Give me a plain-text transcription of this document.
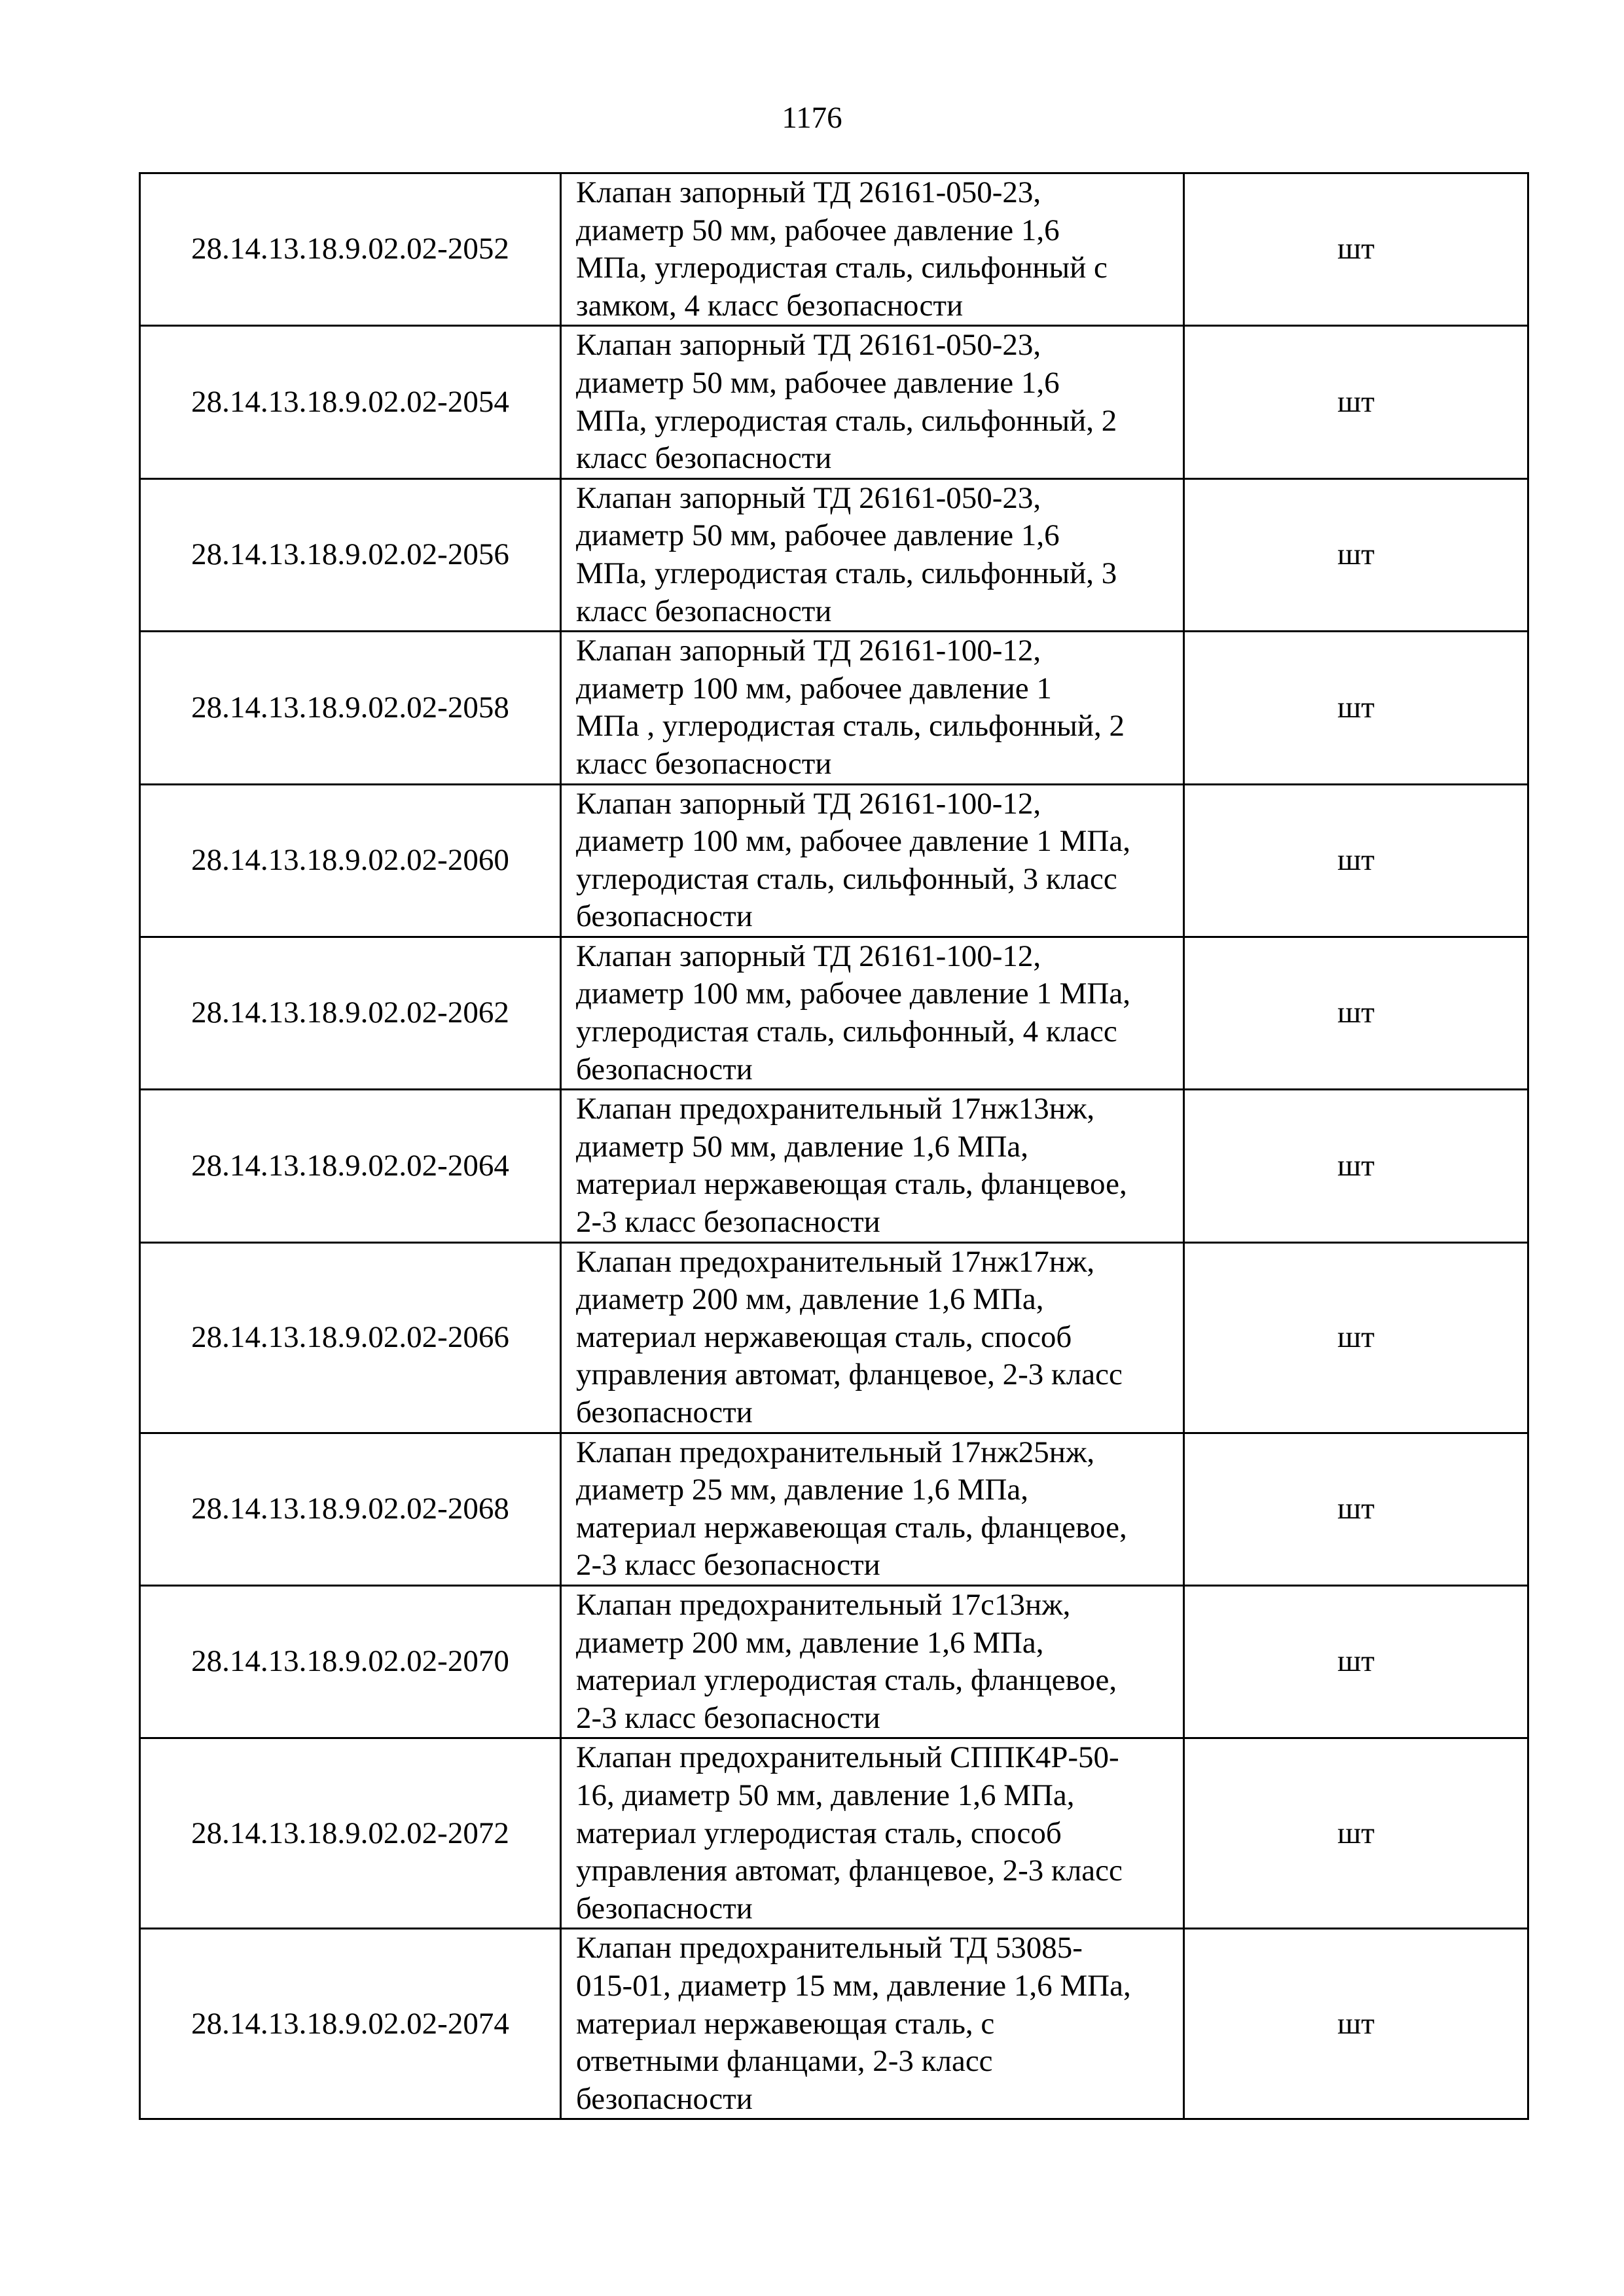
1176
28.14.13.18.9.02.02-2052	Клапан запорный ТД 26161-050-23,
диаметр 50 мм, рабочее давление 1,6
МПа, углеродистая сталь, сильфонный с
замком, 4 класс безопасности	шт
28.14.13.18.9.02.02-2054	Клапан запорный ТД 26161-050-23,
диаметр 50 мм, рабочее давление 1,6
МПа, углеродистая сталь, сильфонный, 2
класс безопасности	шт
28.14.13.18.9.02.02-2056	Клапан запорный ТД 26161-050-23,
диаметр 50 мм, рабочее давление 1,6
МПа, углеродистая сталь, сильфонный, 3
класс безопасности	шт
28.14.13.18.9.02.02-2058	Клапан запорный ТД 26161-100-12,
диаметр 100 мм, рабочее давление 1
МПа , углеродистая сталь, сильфонный, 2
класс безопасности	шт
28.14.13.18.9.02.02-2060	Клапан запорный ТД 26161-100-12,
диаметр 100 мм, рабочее давление 1 МПа,
углеродистая сталь, сильфонный, 3 класс
безопасности	шт
28.14.13.18.9.02.02-2062	Клапан запорный ТД 26161-100-12,
диаметр 100 мм, рабочее давление 1 МПа,
углеродистая сталь, сильфонный, 4 класс
безопасности	шт
28.14.13.18.9.02.02-2064	Клапан предохранительный 17нж13нж,
диаметр 50 мм, давление 1,6 МПа,
материал нержавеющая сталь, фланцевое,
2-3 класс безопасности	шт
28.14.13.18.9.02.02-2066	Клапан предохранительный 17нж17нж,
диаметр 200 мм, давление 1,6 МПа,
материал нержавеющая сталь, способ
управления автомат, фланцевое, 2-3 класс
безопасности	шт
28.14.13.18.9.02.02-2068	Клапан предохранительный 17нж25нж,
диаметр 25 мм, давление 1,6 МПа,
материал нержавеющая сталь, фланцевое,
2-3 класс безопасности	шт
28.14.13.18.9.02.02-2070	Клапан предохранительный 17с13нж,
диаметр 200 мм, давление 1,6 МПа,
материал углеродистая сталь, фланцевое,
2-3 класс безопасности	шт
28.14.13.18.9.02.02-2072	Клапан предохранительный СППК4Р-50-
16, диаметр 50 мм, давление 1,6 МПа,
материал углеродистая сталь, способ
управления автомат, фланцевое, 2-3 класс
безопасности	шт
28.14.13.18.9.02.02-2074	Клапан предохранительный ТД 53085-
015-01, диаметр 15 мм, давление 1,6 МПа,
материал нержавеющая сталь, с
ответными фланцами, 2-3 класс
безопасности	шт
